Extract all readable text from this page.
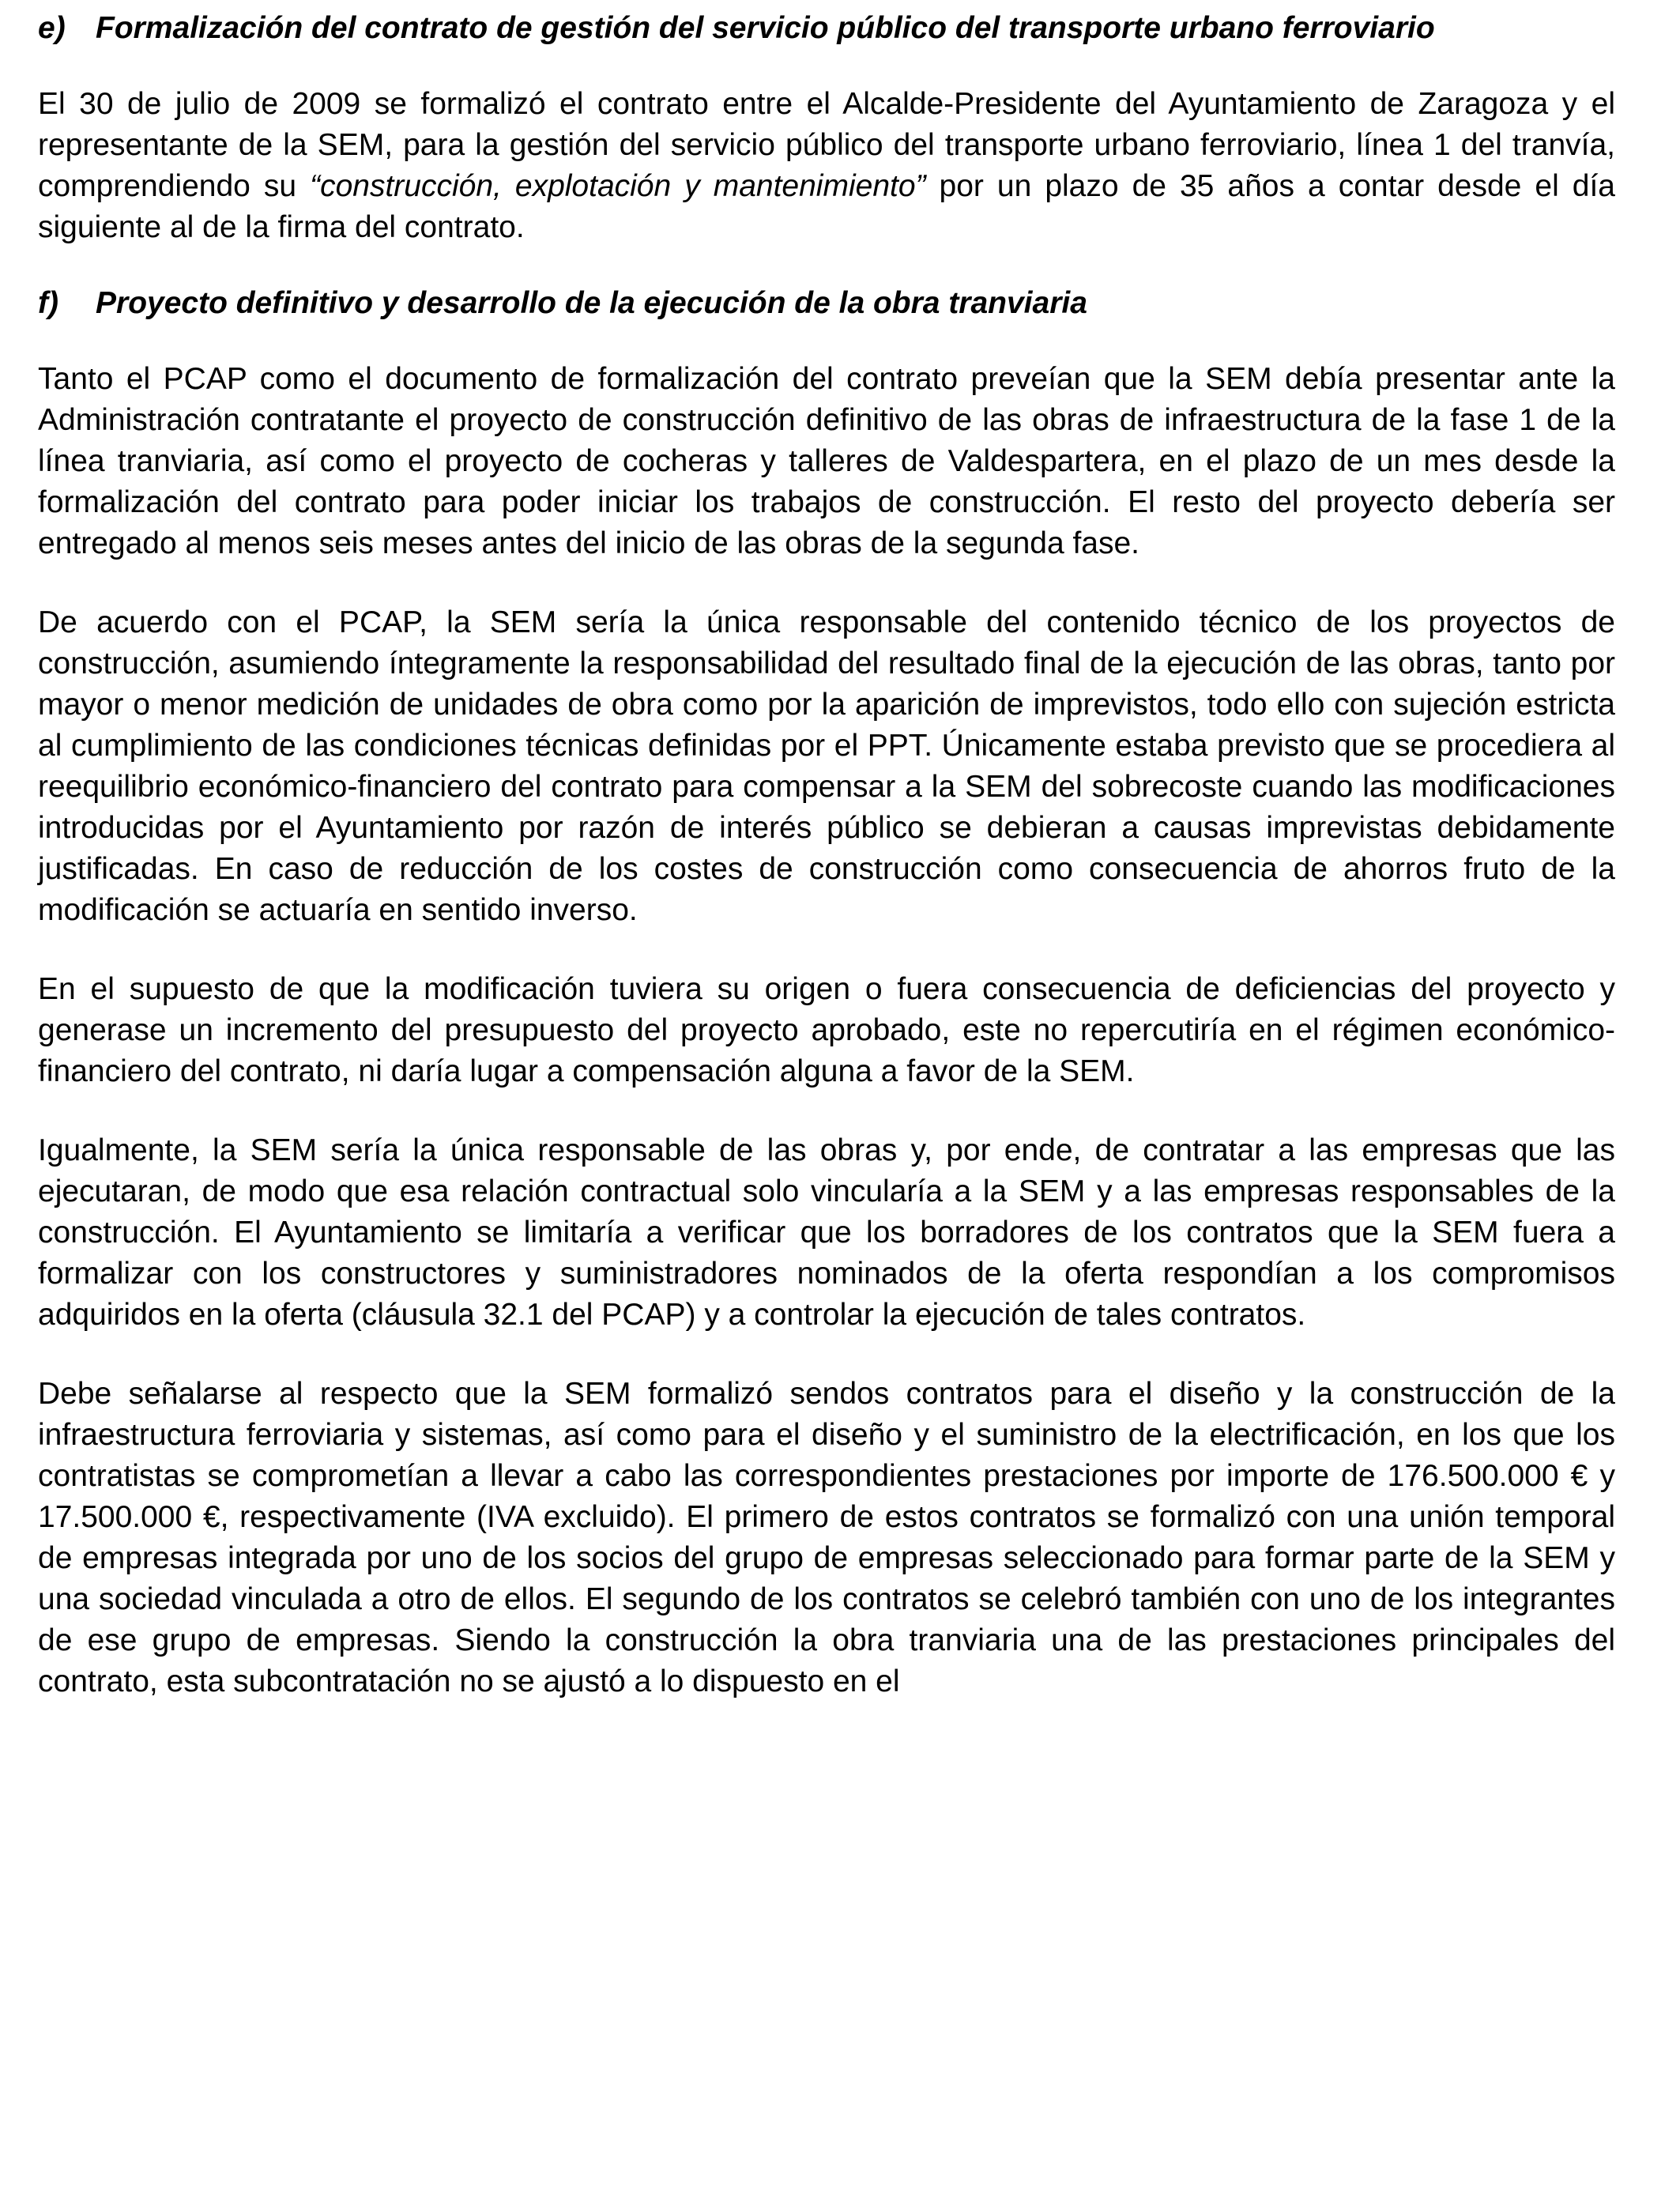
e) Formalización del contrato de gestión del servicio público del transporte urbano ferroviario

El 30 de julio de 2009 se formalizó el contrato entre el Alcalde-Presidente del Ayuntamiento de Zaragoza y el representante de la SEM, para la gestión del servicio público del transporte urbano ferroviario, línea 1 del tranvía, comprendiendo su “construcción, explotación y mantenimiento” por un plazo de 35 años a contar desde el día siguiente al de la firma del contrato.

f)	Proyecto definitivo y desarrollo de la ejecución de la obra tranviaria

Tanto el PCAP como el documento de formalización del contrato preveían que la SEM debía presentar ante la Administración contratante el proyecto de construcción definitivo de las obras de infraestructura de la fase 1 de la línea tranviaria, así como el proyecto de cocheras y talleres de Valdespartera, en el plazo de un mes desde la formalización del contrato para poder iniciar los trabajos de construcción. El resto del proyecto debería ser entregado al menos seis meses antes del inicio de las obras de la segunda fase.

De acuerdo con el PCAP, la SEM sería la única responsable del contenido técnico de los proyectos de construcción, asumiendo íntegramente la responsabilidad del resultado final de la ejecución de las obras, tanto por mayor o menor medición de unidades de obra como por la aparición de imprevistos, todo ello con sujeción estricta al cumplimiento de las condiciones técnicas definidas por el PPT. Únicamente estaba previsto que se procediera al reequilibrio económico-financiero del contrato para compensar a la SEM del sobrecoste cuando las modificaciones introducidas por el Ayuntamiento por razón de interés público se debieran a causas imprevistas debidamente justificadas. En caso de reducción de los costes de construcción como consecuencia de ahorros fruto de la modificación se actuaría en sentido inverso.

En el supuesto de que la modificación tuviera su origen o fuera consecuencia de deficiencias del proyecto y generase un incremento del presupuesto del proyecto aprobado, este no repercutiría en el régimen económico-financiero del contrato, ni daría lugar a compensación alguna a favor de la SEM.

Igualmente, la SEM sería la única responsable de las obras y, por ende, de contratar a las empresas que las ejecutaran, de modo que esa relación contractual solo vincularía a la SEM y a las empresas responsables de la construcción. El Ayuntamiento se limitaría a verificar que los borradores de los contratos que la SEM fuera a formalizar con los constructores y suministradores nominados de la oferta respondían a los compromisos adquiridos en la oferta (cláusula 32.1 del PCAP) y a controlar la ejecución de tales contratos.

Debe señalarse al respecto que la SEM formalizó sendos contratos para el diseño y la construcción de la infraestructura ferroviaria y sistemas, así como para el diseño y el suministro de la electrificación, en los que los contratistas se comprometían a llevar a cabo las correspondientes prestaciones por importe de 176.500.000 € y 17.500.000 €, respectivamente (IVA excluido). El primero de estos contratos se formalizó con una unión temporal de empresas integrada por uno de los socios del grupo de empresas seleccionado para formar parte de la SEM y una sociedad vinculada a otro de ellos. El segundo de los contratos se celebró también con uno de los integrantes de ese grupo de empresas. Siendo la construcción la obra tranviaria una de las prestaciones principales del contrato, esta subcontratación no se ajustó a lo dispuesto en el
